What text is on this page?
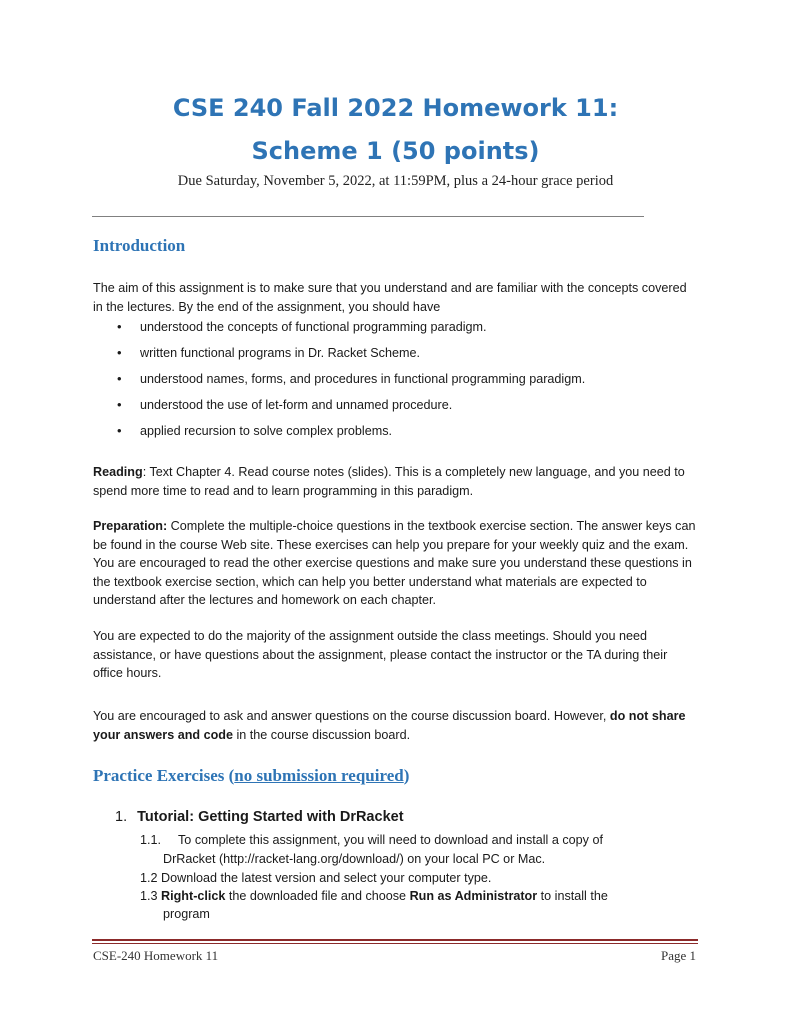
CSE 240 Fall 2022 Homework 11:
Scheme 1 (50 points)
Due Saturday, November 5, 2022, at 11:59PM, plus a 24-hour grace period
Introduction
The aim of this assignment is to make sure that you understand and are familiar with the concepts covered in the lectures. By the end of the assignment, you should have
• understood the concepts of functional programming paradigm.
• written functional programs in Dr. Racket Scheme.
• understood names, forms, and procedures in functional programming paradigm.
• understood the use of let-form and unnamed procedure.
• applied recursion to solve complex problems.
Reading: Text Chapter 4. Read course notes (slides). This is a completely new language, and you need to spend more time to read and to learn programming in this paradigm.
Preparation: Complete the multiple-choice questions in the textbook exercise section. The answer keys can be found in the course Web site. These exercises can help you prepare for your weekly quiz and the exam. You are encouraged to read the other exercise questions and make sure you understand these questions in the textbook exercise section, which can help you better understand what materials are expected to understand after the lectures and homework on each chapter.
You are expected to do the majority of the assignment outside the class meetings. Should you need assistance, or have questions about the assignment, please contact the instructor or the TA during their office hours.
You are encouraged to ask and answer questions on the course discussion board. However, do not share your answers and code in the course discussion board.
Practice Exercises (no submission required)
1. Tutorial: Getting Started with DrRacket
1.1. To complete this assignment, you will need to download and install a copy of
DrRacket (http://racket-lang.org/download/) on your local PC or Mac.
1.2 Download the latest version and select your computer type.
1.3 Right-click the downloaded file and choose Run as Administrator to install the
program
CSE-240 Homework 11	Page 1
